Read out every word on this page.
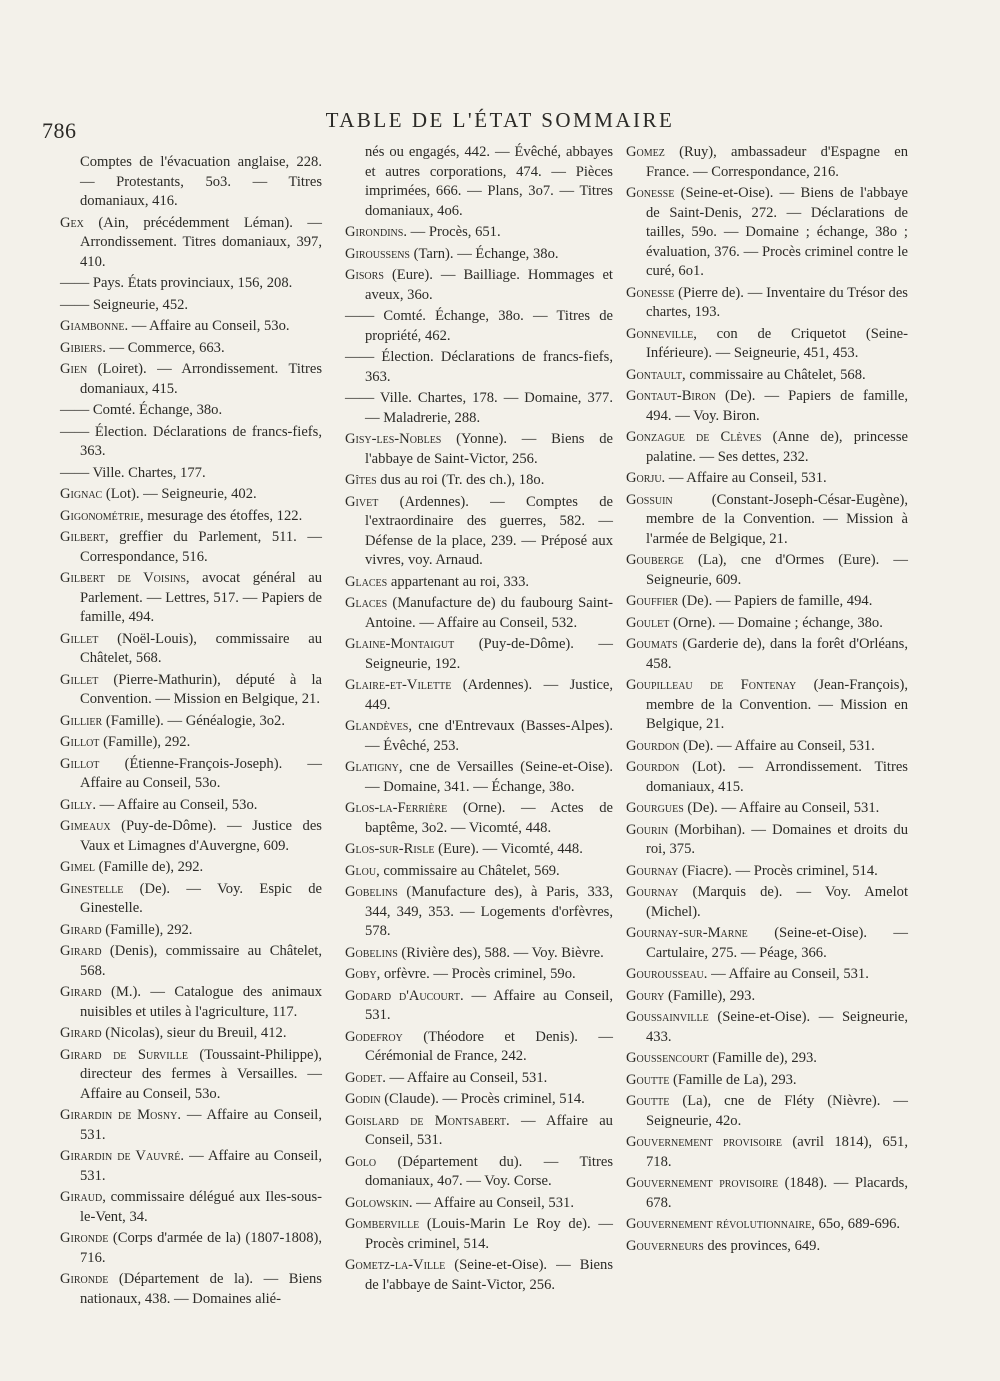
786	TABLE DE L'ÉTAT SOMMAIRE

Comptes de l'évacuation anglaise, 228. — Protestants, 5o3. — Titres domaniaux, 416.

Gex (Ain, précédemment Léman). — Arrondissement. Titres domaniaux, 397, 410.

—— Pays. États provinciaux, 156, 208.

—— Seigneurie, 452.

Giambonne. — Affaire au Conseil, 53o.

Gibiers. — Commerce, 663.

Gien (Loiret). — Arrondissement. Titres domaniaux, 415.

—— Comté. Échange, 38o.

—— Élection. Déclarations de francs-fiefs, 363.

—— Ville. Chartes, 177.

Gignac (Lot). — Seigneurie, 402.

Gigonométrie, mesurage des étoffes, 122.

Gilbert, greffier du Parlement, 511. — Correspondance, 516.

Gilbert de Voisins, avocat général au Parlement. — Lettres, 517. — Papiers de famille, 494.

Gillet (Noël-Louis), commissaire au Châtelet, 568.

Gillet (Pierre-Mathurin), député à la Convention. — Mission en Belgique, 21.

Gillier (Famille). — Généalogie, 3o2.

Gillot (Famille), 292.

Gillot (Étienne-François-Joseph). — Affaire au Conseil, 53o.

Gilly. — Affaire au Conseil, 53o.

Gimeaux (Puy-de-Dôme). — Justice des Vaux et Limagnes d'Auvergne, 609.

Gimel (Famille de), 292.

Ginestelle (De). — Voy. Espic de Ginestelle.

Girard (Famille), 292.

Girard (Denis), commissaire au Châtelet, 568.

Girard (M.). — Catalogue des animaux nuisibles et utiles à l'agriculture, 117.

Girard (Nicolas), sieur du Breuil, 412.

Girard de Surville (Toussaint-Philippe), directeur des fermes à Versailles. — Affaire au Conseil, 53o.

Girardin de Mosny. — Affaire au Conseil, 531.

Girardin de Vauvré. — Affaire au Conseil, 531.

Giraud, commissaire délégué aux Iles-sous-le-Vent, 34.

Gironde (Corps d'armée de la) (1807-1808), 716.

Gironde (Département de la). — Biens nationaux, 438. — Domaines alié-

nés ou engagés, 442. — Évêché, abbayes et autres corporations, 474. — Pièces imprimées, 666. — Plans, 3o7. — Titres domaniaux, 4o6.

Girondins. — Procès, 651.

Giroussens (Tarn). — Échange, 38o.

Gisors (Eure). — Bailliage. Hommages et aveux, 36o.

—— Comté. Échange, 38o. — Titres de propriété, 462.

—— Élection. Déclarations de francs-fiefs, 363.

—— Ville. Chartes, 178. — Domaine, 377. — Maladrerie, 288.

Gisy-les-Nobles (Yonne). — Biens de l'abbaye de Saint-Victor, 256.

Gîtes dus au roi (Tr. des ch.), 18o.

Givet (Ardennes). — Comptes de l'extraordinaire des guerres, 582. — Défense de la place, 239. — Préposé aux vivres, voy. Arnaud.

Glaces appartenant au roi, 333.

Glaces (Manufacture de) du faubourg Saint-Antoine. — Affaire au Conseil, 532.

Glaine-Montaigut (Puy-de-Dôme). — Seigneurie, 192.

Glaire-et-Vilette (Ardennes). — Justice, 449.

Glandèves, cne d'Entrevaux (Basses-Alpes). — Évêché, 253.

Glatigny, cne de Versailles (Seine-et-Oise). — Domaine, 341. — Échange, 38o.

Glos-la-Ferrière (Orne). — Actes de baptême, 3o2. — Vicomté, 448.

Glos-sur-Risle (Eure). — Vicomté, 448.

Glou, commissaire au Châtelet, 569.

Gobelins (Manufacture des), à Paris, 333, 344, 349, 353. — Logements d'orfèvres, 578.

Gobelins (Rivière des), 588. — Voy. Bièvre.

Goby, orfèvre. — Procès criminel, 59o.

Godard d'Aucourt. — Affaire au Conseil, 531.

Godefroy (Théodore et Denis). — Cérémonial de France, 242.

Godet. — Affaire au Conseil, 531.

Godin (Claude). — Procès criminel, 514.

Goislard de Montsabert. — Affaire au Conseil, 531.

Golo (Département du). — Titres domaniaux, 4o7. — Voy. Corse.

Golowskin. — Affaire au Conseil, 531.

Gomberville (Louis-Marin Le Roy de). — Procès criminel, 514.

Gometz-la-Ville (Seine-et-Oise). — Biens de l'abbaye de Saint-Victor, 256.

Gomez (Ruy), ambassadeur d'Espagne en France. — Correspondance, 216.

Gonesse (Seine-et-Oise). — Biens de l'abbaye de Saint-Denis, 272. — Déclarations de tailles, 59o. — Domaine ; échange, 38o ; évaluation, 376. — Procès criminel contre le curé, 6o1.

Gonesse (Pierre de). — Inventaire du Trésor des chartes, 193.

Gonneville, con de Criquetot (Seine-Inférieure). — Seigneurie, 451, 453.

Gontault, commissaire au Châtelet, 568.

Gontaut-Biron (De). — Papiers de famille, 494. — Voy. Biron.

Gonzague de Clèves (Anne de), princesse palatine. — Ses dettes, 232.

Gorju. — Affaire au Conseil, 531.

Gossuin (Constant-Joseph-César-Eugène), membre de la Convention. — Mission à l'armée de Belgique, 21.

Gouberge (La), cne d'Ormes (Eure). — Seigneurie, 609.

Gouffier (De). — Papiers de famille, 494.

Goulet (Orne). — Domaine ; échange, 38o.

Goumats (Garderie de), dans la forêt d'Orléans, 458.

Goupilleau de Fontenay (Jean-François), membre de la Convention. — Mission en Belgique, 21.

Gourdon (De). — Affaire au Conseil, 531.

Gourdon (Lot). — Arrondissement. Titres domaniaux, 415.

Gourgues (De). — Affaire au Conseil, 531.

Gourin (Morbihan). — Domaines et droits du roi, 375.

Gournay (Fiacre). — Procès criminel, 514.

Gournay (Marquis de). — Voy. Amelot (Michel).

Gournay-sur-Marne (Seine-et-Oise). — Cartulaire, 275. — Péage, 366.

Gourousseau. — Affaire au Conseil, 531.

Goury (Famille), 293.

Goussainville (Seine-et-Oise). — Seigneurie, 433.

Goussencourt (Famille de), 293.

Goutte (Famille de La), 293.

Goutte (La), cne de Fléty (Nièvre). — Seigneurie, 42o.

Gouvernement provisoire (avril 1814), 651, 718.

Gouvernement provisoire (1848). — Placards, 678.

Gouvernement révolutionnaire, 65o, 689-696.

Gouverneurs des provinces, 649.
